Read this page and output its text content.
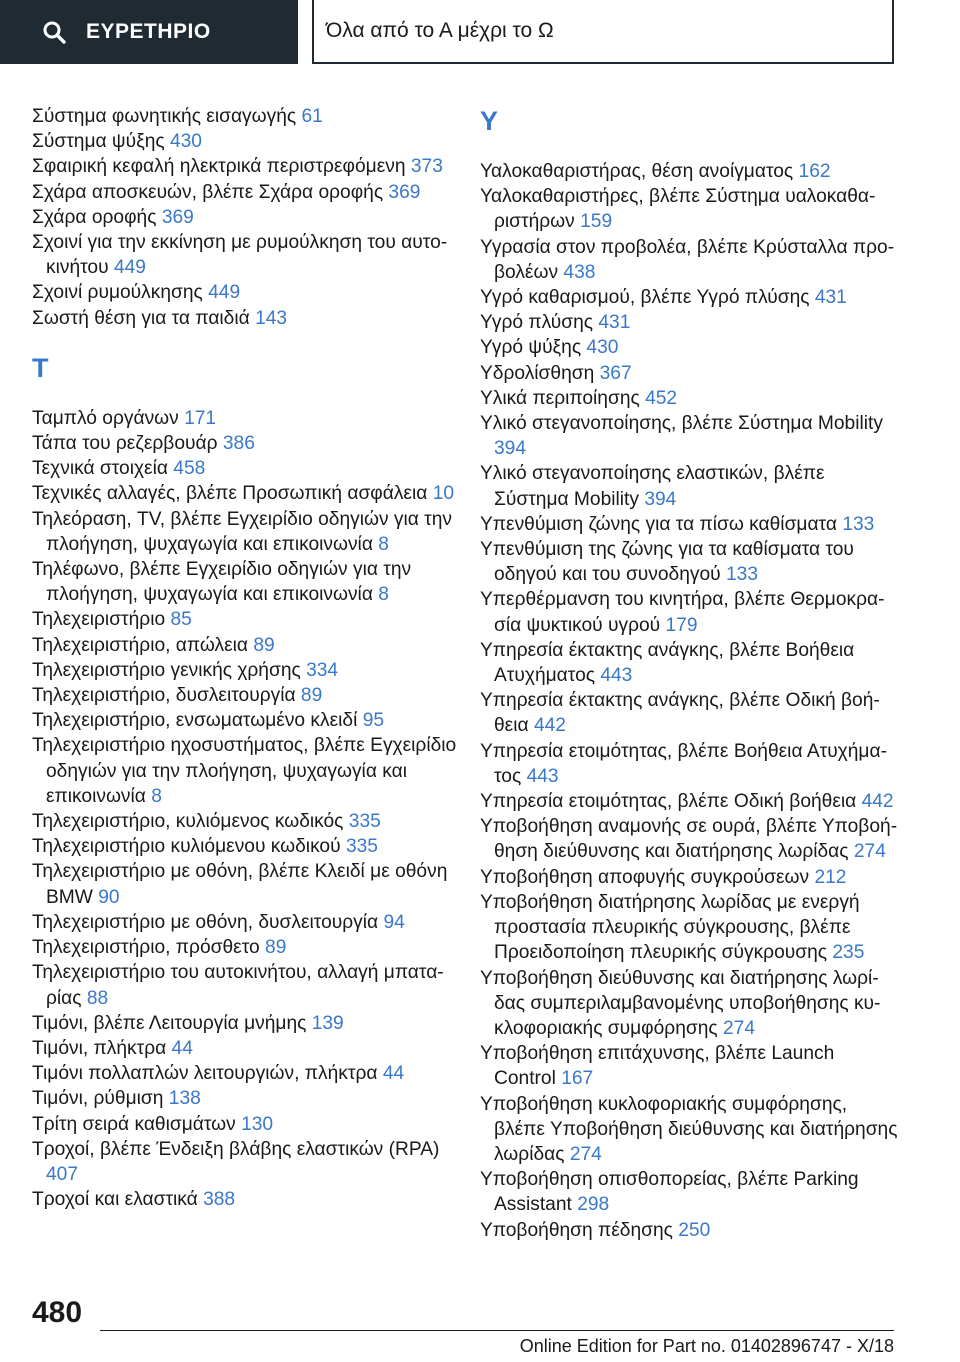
ΕΥΡΕΤΗΡΙΟ	Όλα από το Α μέχρι το Ω
Σύστημα φωνητικής εισαγωγής 61
Σύστημα ψύξης 430
Σφαιρική κεφαλή ηλεκτρικά περιστρεφόμενη 373
Σχάρα αποσκευών, βλέπε Σχάρα οροφής 369
Σχάρα οροφής 369
Σχοινί για την εκκίνηση με ρυμούλκηση του αυτοκινήτου 449
Σχοινί ρυμούλκησης 449
Σωστή θέση για τα παιδιά 143
Τ
Ταμπλό οργάνων 171
Τάπα του ρεζερβουάρ 386
Τεχνικά στοιχεία 458
Τεχνικές αλλαγές, βλέπε Προσωπική ασφάλεια 10
Τηλεόραση, TV, βλέπε Εγχειρίδιο οδηγιών για την πλοήγηση, ψυχαγωγία και επικοινωνία 8
Τηλέφωνο, βλέπε Εγχειρίδιο οδηγιών για την πλοήγηση, ψυχαγωγία και επικοινωνία 8
Τηλεχειριστήριο 85
Τηλεχειριστήριο, απώλεια 89
Τηλεχειριστήριο γενικής χρήσης 334
Τηλεχειριστήριο, δυσλειτουργία 89
Τηλεχειριστήριο, ενσωματωμένο κλειδί 95
Τηλεχειριστήριο ηχοσυστήματος, βλέπε Εγχειρίδιο οδηγιών για την πλοήγηση, ψυχαγωγία και επικοινωνία 8
Τηλεχειριστήριο, κυλιόμενος κωδικός 335
Τηλεχειριστήριο κυλιόμενου κωδικού 335
Τηλεχειριστήριο με οθόνη, βλέπε Κλειδί με οθόνη BMW 90
Τηλεχειριστήριο με οθόνη, δυσλειτουργία 94
Τηλεχειριστήριο, πρόσθετο 89
Τηλεχειριστήριο του αυτοκινήτου, αλλαγή μπαταρίας 88
Τιμόνι, βλέπε Λειτουργία μνήμης 139
Τιμόνι, πλήκτρα 44
Τιμόνι πολλαπλών λειτουργιών, πλήκτρα 44
Τιμόνι, ρύθμιση 138
Τρίτη σειρά καθισμάτων 130
Τροχοί, βλέπε Ένδειξη βλάβης ελαστικών (RPA) 407
Τροχοί και ελαστικά 388
Y
Υαλοκαθαριστήρας, θέση ανοίγματος 162
Υαλοκαθαριστήρες, βλέπε Σύστημα υαλοκαθαριστήρων 159
Υγρασία στον προβολέα, βλέπε Κρύσταλλα προβολέων 438
Υγρό καθαρισμού, βλέπε Υγρό πλύσης 431
Υγρό πλύσης 431
Υγρό ψύξης 430
Υδρολίσθηση 367
Υλικά περιποίησης 452
Υλικό στεγανοποίησης, βλέπε Σύστημα Mobility 394
Υλικό στεγανοποίησης ελαστικών, βλέπε Σύστημα Mobility 394
Υπενθύμιση ζώνης για τα πίσω καθίσματα 133
Υπενθύμιση της ζώνης για τα καθίσματα του οδηγού και του συνοδηγού 133
Υπερθέρμανση του κινητήρα, βλέπε Θερμοκρασία ψυκτικού υγρού 179
Υπηρεσία έκτακτης ανάγκης, βλέπε Βοήθεια Ατυχήματος 443
Υπηρεσία έκτακτης ανάγκης, βλέπε Οδική βοήθεια 442
Υπηρεσία ετοιμότητας, βλέπε Βοήθεια Ατυχήματος 443
Υπηρεσία ετοιμότητας, βλέπε Οδική βοήθεια 442
Υποβοήθηση αναμονής σε ουρά, βλέπε Υποβοήθηση διεύθυνσης και διατήρησης λωρίδας 274
Υποβοήθηση αποφυγής συγκρούσεων 212
Υποβοήθηση διατήρησης λωρίδας με ενεργή προστασία πλευρικής σύγκρουσης, βλέπε Προειδοποίηση πλευρικής σύγκρουσης 235
Υποβοήθηση διεύθυνσης και διατήρησης λωρίδας συμπεριλαμβανομένης υποβοήθησης κυκλοφοριακής συμφόρησης 274
Υποβοήθηση επιτάχυνσης, βλέπε Launch Control 167
Υποβοήθηση κυκλοφοριακής συμφόρησης, βλέπε Υποβοήθηση διεύθυνσης και διατήρησης λωρίδας 274
Υποβοήθηση οπισθοπορείας, βλέπε Parking Assistant 298
Υποβοήθηση πέδησης 250
480
Online Edition for Part no. 01402896747 - X/18
